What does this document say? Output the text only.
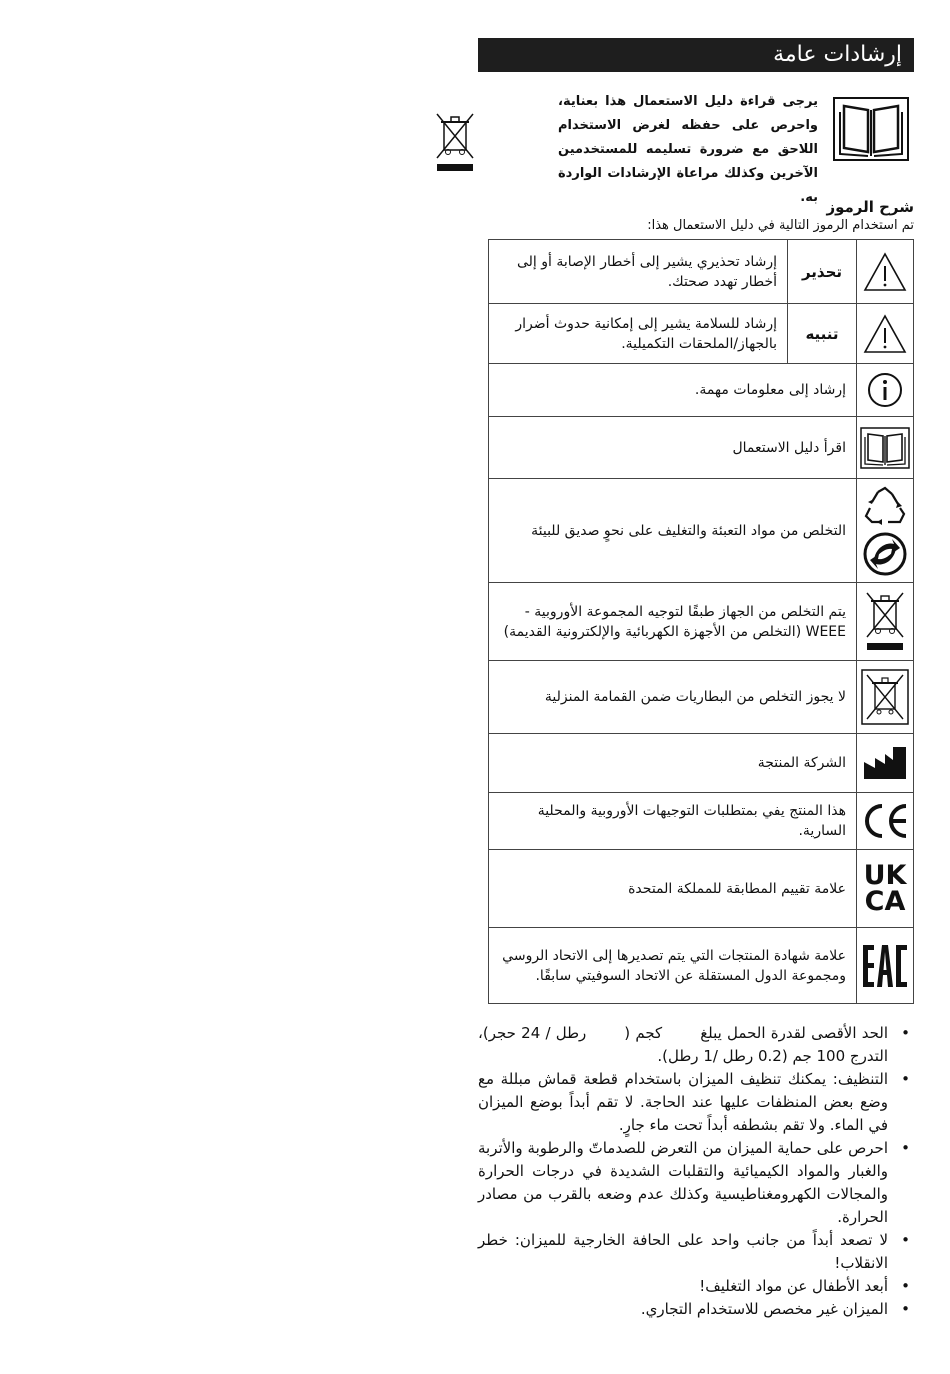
إرشادات عامة
يرجى قراءة دليل الاستعمال هذا بعناية، واحرص على حفظه لغرض الاستخدام اللاحق مع ضرورة تسليمه للمستخدمين الآخرين وكذلك مراعاة الإرشادات الواردة به.
شرح الرموز
تم استخدام الرموز التالية في دليل الاستعمال هذا:
	تحذير	إرشاد تحذيري يشير إلى أخطار الإصابة أو إلى أخطار تهدد صحتك.

	تنبيه	إرشاد للسلامة يشير إلى إمكانية حدوث أضرار بالجهاز/الملحقات التكميلية.

	إرشاد إلى معلومات مهمة.	

	اقرأ دليل الاستعمال	

	التخلص من مواد التعبئة والتغليف على نحوٍ صديق للبيئة	

	يتم التخلص من الجهاز طبقًا لتوجيه المجموعة الأوروبية - WEEE (التخلص من الأجهزة الكهربائية والإلكترونية القديمة)	

	لا يجوز التخلص من البطاريات ضمن القمامة المنزلية	

	الشركة المنتجة	

	هذا المنتج يفي بمتطلبات التوجيهات الأوروبية والمحلية السارية.	

UK CA	علامة تقييم المطابقة للمملكة المتحدة	

	علامة شهادة المنتجات التي يتم تصديرها إلى الاتحاد الروسي ومجموعة الدول المستقلة عن الاتحاد السوفيتي سابقًا.	
• الحد الأقصى لقدرة الحمل يبلغكجم (رطل / 24 حجر)، التدرج 100 جم (0.2 رطل /1 رطل).
• التنظيف: يمكنك تنظيف الميزان باستخدام قطعة قماش مبللة مع وضع بعض المنظفات عليها عند الحاجة. لا تقم أبداً بوضع الميزان في الماء. ولا تقم بشطفه أبداً تحت ماء جارٍ.
• احرص على حماية الميزان من التعرض للصدماتّ والرطوبة والأتربة والغبار والمواد الكيميائية والتقلبات الشديدة في درجات الحرارة والمجالات الكهرومغناطيسية وكذلك عدم وضعه بالقرب من مصادر الحرارة.
• لا تصعد أبداً من جانب واحد على الحافة الخارجية للميزان: خطر الانقلاب!
• أبعد الأطفال عن مواد التغليف!
• الميزان غير مخصص للاستخدام التجاري.
